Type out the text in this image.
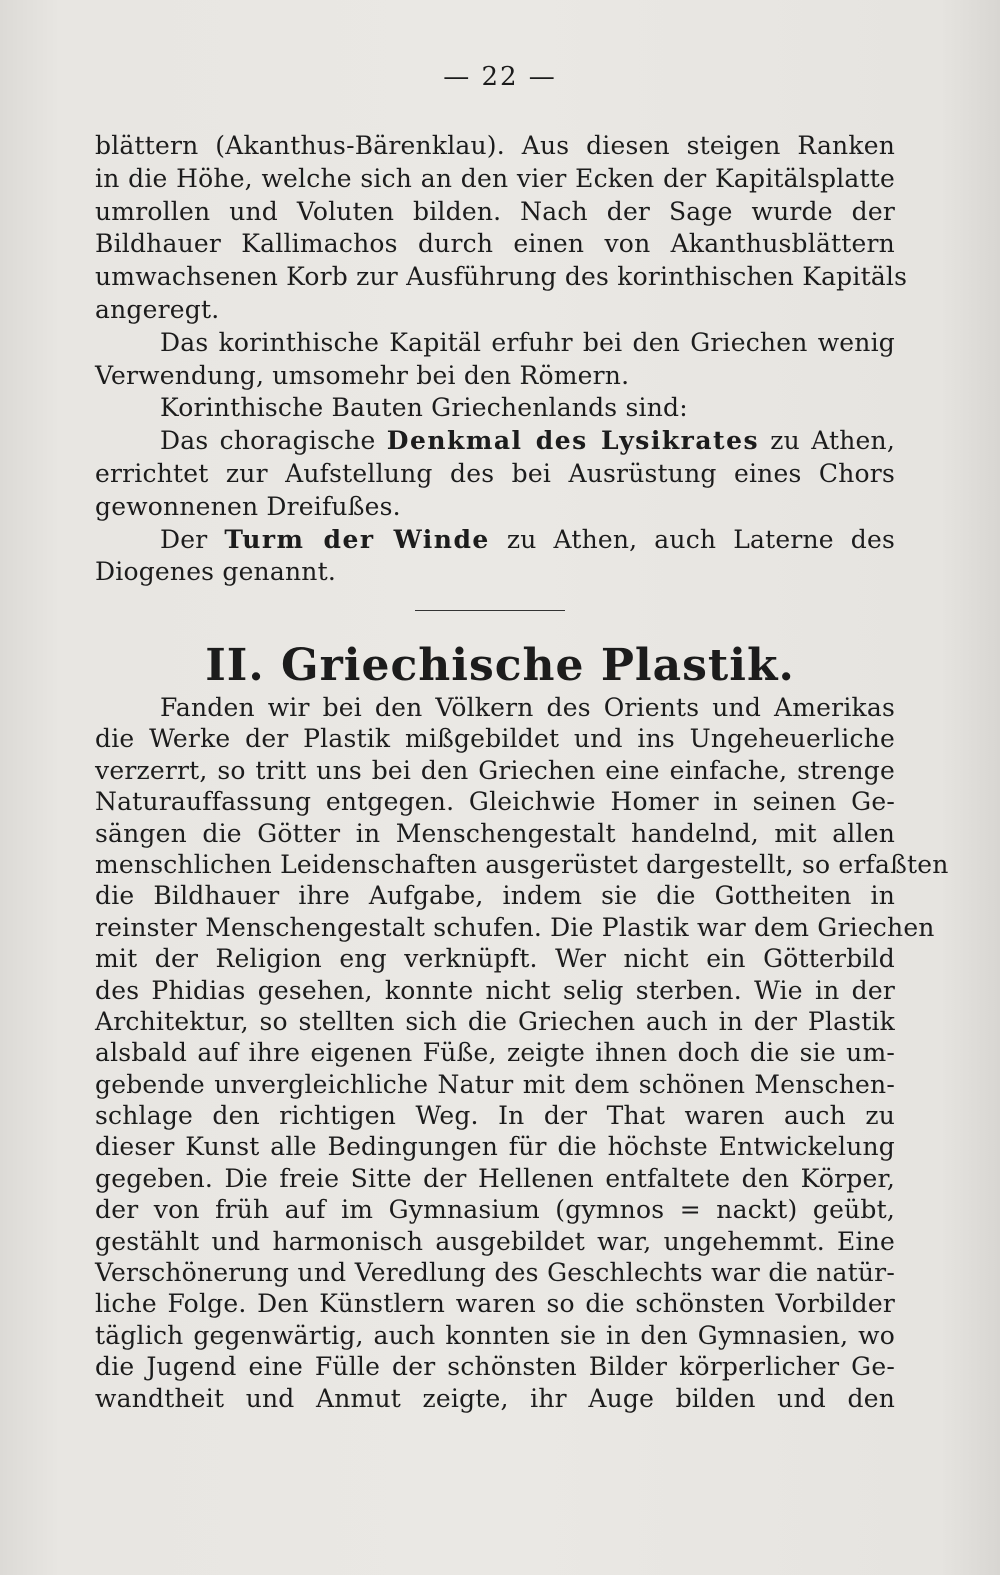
— 22 —
blättern (Akanthus-Bärenklau). Aus diesen steigen Ranken
in die Höhe, welche sich an den vier Ecken der Kapitälsplatte
umrollen und Voluten bilden. Nach der Sage wurde der
Bildhauer Kallimachos durch einen von Akanthusblättern
umwachsenen Korb zur Ausführung des korinthischen Kapitäls
angeregt.
Das korinthische Kapitäl erfuhr bei den Griechen wenig
Verwendung, umsomehr bei den Römern.
Korinthische Bauten Griechenlands sind:
Das choragische Denkmal des Lysikrates zu Athen,
errichtet zur Aufstellung des bei Ausrüstung eines Chors
gewonnenen Dreifußes.
Der Turm der Winde zu Athen, auch Laterne des
Diogenes genannt.
II. Griechische Plastik.
Fanden wir bei den Völkern des Orients und Amerikas
die Werke der Plastik mißgebildet und ins Ungeheuerliche
verzerrt, so tritt uns bei den Griechen eine einfache, strenge
Naturauffassung entgegen. Gleichwie Homer in seinen Ge-
sängen die Götter in Menschengestalt handelnd, mit allen
menschlichen Leidenschaften ausgerüstet dargestellt, so erfaßten
die Bildhauer ihre Aufgabe, indem sie die Gottheiten in
reinster Menschengestalt schufen. Die Plastik war dem Griechen
mit der Religion eng verknüpft. Wer nicht ein Götterbild
des Phidias gesehen, konnte nicht selig sterben. Wie in der
Architektur, so stellten sich die Griechen auch in der Plastik
alsbald auf ihre eigenen Füße, zeigte ihnen doch die sie um-
gebende unvergleichliche Natur mit dem schönen Menschen-
schlage den richtigen Weg. In der That waren auch zu
dieser Kunst alle Bedingungen für die höchste Entwickelung
gegeben. Die freie Sitte der Hellenen entfaltete den Körper,
der von früh auf im Gymnasium (gymnos = nackt) geübt,
gestählt und harmonisch ausgebildet war, ungehemmt. Eine
Verschönerung und Veredlung des Geschlechts war die natür-
liche Folge. Den Künstlern waren so die schönsten Vorbilder
täglich gegenwärtig, auch konnten sie in den Gymnasien, wo
die Jugend eine Fülle der schönsten Bilder körperlicher Ge-
wandtheit und Anmut zeigte, ihr Auge bilden und den
